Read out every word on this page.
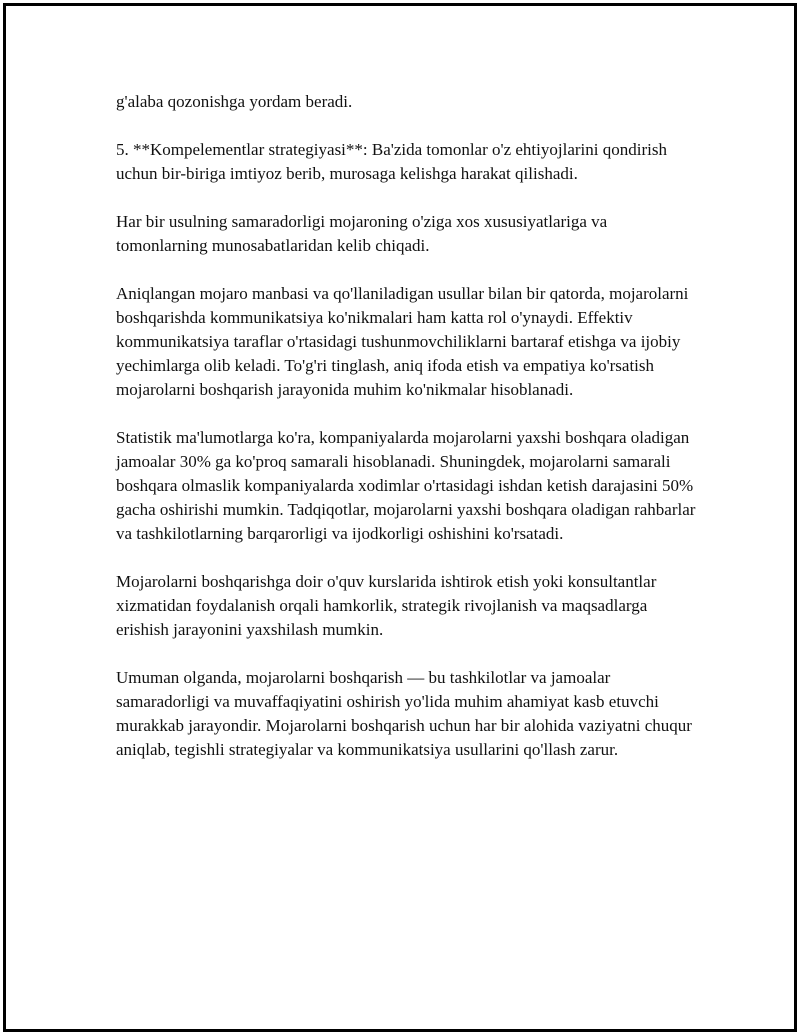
g'alaba qozonishga yordam beradi.

5. **Kompelementlar strategiyasi**: Ba'zida tomonlar o'z ehtiyojlarini qondirish uchun bir-biriga imtiyoz berib, murosaga kelishga harakat qilishadi.

Har bir usulning samaradorligi mojaroning o'ziga xos xususiyatlariga va tomonlarning munosabatlaridan kelib chiqadi.

Aniqlangan mojaro manbasi va qo'llaniladigan usullar bilan bir qatorda, mojarolarni boshqarishda kommunikatsiya ko'nikmalari ham katta rol o'ynaydi. Effektiv kommunikatsiya taraflar o'rtasidagi tushunmovchiliklarni bartaraf etishga va ijobiy yechimlarga olib keladi. To'g'ri tinglash, aniq ifoda etish va empatiya ko'rsatish mojarolarni boshqarish jarayonida muhim ko'nikmalar hisoblanadi.

Statistik ma'lumotlarga ko'ra, kompaniyalarda mojarolarni yaxshi boshqara oladigan jamoalar 30% ga ko'proq samarali hisoblanadi. Shuningdek, mojarolarni samarali boshqara olmaslik kompaniyalarda xodimlar o'rtasidagi ishdan ketish darajasini 50% gacha oshirishi mumkin. Tadqiqotlar, mojarolarni yaxshi boshqara oladigan rahbarlar va tashkilotlarning barqarorligi va ijodkorligi oshishini ko'rsatadi.

Mojarolarni boshqarishga doir o'quv kurslarida ishtirok etish yoki konsultantlar xizmatidan foydalanish orqali hamkorlik, strategik rivojlanish va maqsadlarga erishish jarayonini yaxshilash mumkin.

Umuman olganda, mojarolarni boshqarish — bu tashkilotlar va jamoalar samaradorligi va muvaffaqiyatini oshirish yo'lida muhim ahamiyat kasb etuvchi murakkab jarayondir. Mojarolarni boshqarish uchun har bir alohida vaziyatni chuqur aniqlab, tegishli strategiyalar va kommunikatsiya usullarini qo'llash zarur.
